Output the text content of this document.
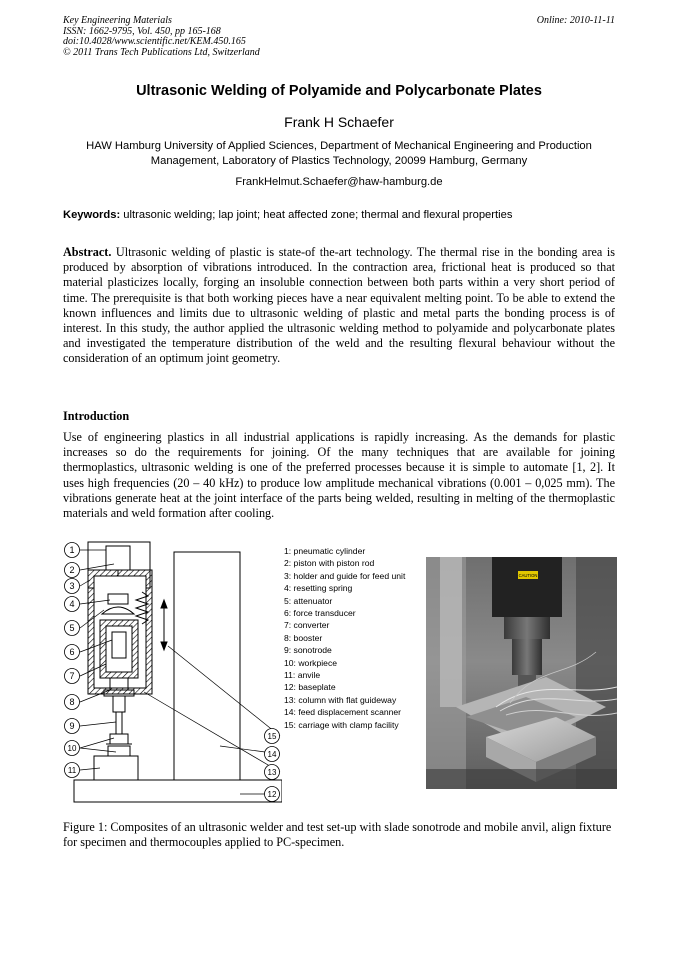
Key Engineering Materials
ISSN: 1662-9795, Vol. 450, pp 165-168
doi:10.4028/www.scientific.net/KEM.450.165
© 2011 Trans Tech Publications Ltd, Switzerland
Online: 2010-11-11
Ultrasonic Welding of Polyamide and Polycarbonate Plates
Frank H Schaefer
HAW Hamburg University of Applied Sciences, Department of Mechanical Engineering and Production Management, Laboratory of Plastics Technology, 20099 Hamburg, Germany
FrankHelmut.Schaefer@haw-hamburg.de
Keywords: ultrasonic welding; lap joint; heat affected zone; thermal and flexural properties
Abstract. Ultrasonic welding of plastic is state-of the-art technology. The thermal rise in the bonding area is produced by absorption of vibrations introduced. In the contraction area, frictional heat is produced so that material plasticizes locally, forging an insoluble connection between both parts within a very short period of time. The prerequisite is that both working pieces have a near equivalent melting point. To be able to extend the known influences and limits due to ultrasonic welding of plastic and metal parts the bonding process is of interest. In this study, the author applied the ultrasonic welding method to polyamide and polycarbonate plates and investigated the temperature distribution of the weld and the resulting flexural behaviour without the consideration of an optimum joint geometry.
Introduction
Use of engineering plastics in all industrial applications is rapidly increasing. As the demands for plastic increases so do the requirements for joining. Of the many techniques that are available for joining thermoplastics, ultrasonic welding is one of the preferred processes because it is simple to automate [1, 2]. It uses high frequencies (20 – 40 kHz) to produce low amplitude mechanical vibrations (0.001 – 0,025 mm). The vibrations generate heat at the joint interface of the parts being welded, resulting in melting of the thermoplastic materials and weld formation after cooling.
1
2
3
4
5
6
7
8
9
10
11
12
13
14
15
1: pneumatic cylinder
2: piston with piston rod
3: holder and guide for feed unit
4: resetting spring
5: attenuator
6: force transducer
7: converter
8: booster
9: sonotrode
10: workpiece
11: anvile
12: baseplate
13: column with flat guideway
14: feed displacement scanner
15: carriage with clamp facility
CAUTION
Figure 1: Composites of an ultrasonic welder and test set-up with slade sonotrode and mobile anvil, align fixture for specimen and thermocouples applied to PC-specimen.
